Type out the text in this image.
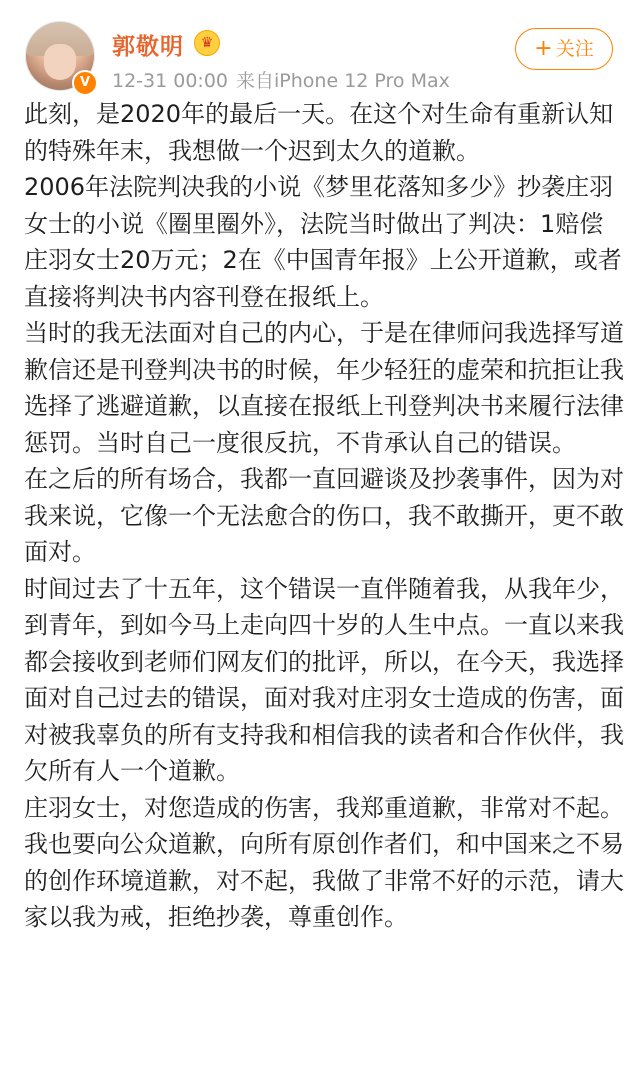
V
郭敬明	♛
12-31 00:00 来自iPhone 12 Pro Max
+ 关注

此刻，是2020年的最后一天。在这个对生命有重新认知的特殊年末，我想做一个迟到太久的道歉。

2006年法院判决我的小说《梦里花落知多少》抄袭庄羽女士的小说《圈里圈外》，法院当时做出了判决：1赔偿庄羽女士20万元；2在《中国青年报》上公开道歉，或者直接将判决书内容刊登在报纸上。

当时的我无法面对自己的内心，于是在律师问我选择写道歉信还是刊登判决书的时候，年少轻狂的虚荣和抗拒让我选择了逃避道歉，以直接在报纸上刊登判决书来履行法律惩罚。当时自己一度很反抗，不肯承认自己的错误。

在之后的所有场合，我都一直回避谈及抄袭事件，因为对我来说，它像一个无法愈合的伤口，我不敢撕开，更不敢面对。

时间过去了十五年，这个错误一直伴随着我，从我年少，到青年，到如今马上走向四十岁的人生中点。一直以来我都会接收到老师们网友们的批评，所以，在今天，我选择面对自己过去的错误，面对我对庄羽女士造成的伤害，面对被我辜负的所有支持我和相信我的读者和合作伙伴，我欠所有人一个道歉。

庄羽女士，对您造成的伤害，我郑重道歉，非常对不起。我也要向公众道歉，向所有原创作者们，和中国来之不易的创作环境道歉，对不起，我做了非常不好的示范，请大家以我为戒，拒绝抄袭，尊重创作。
